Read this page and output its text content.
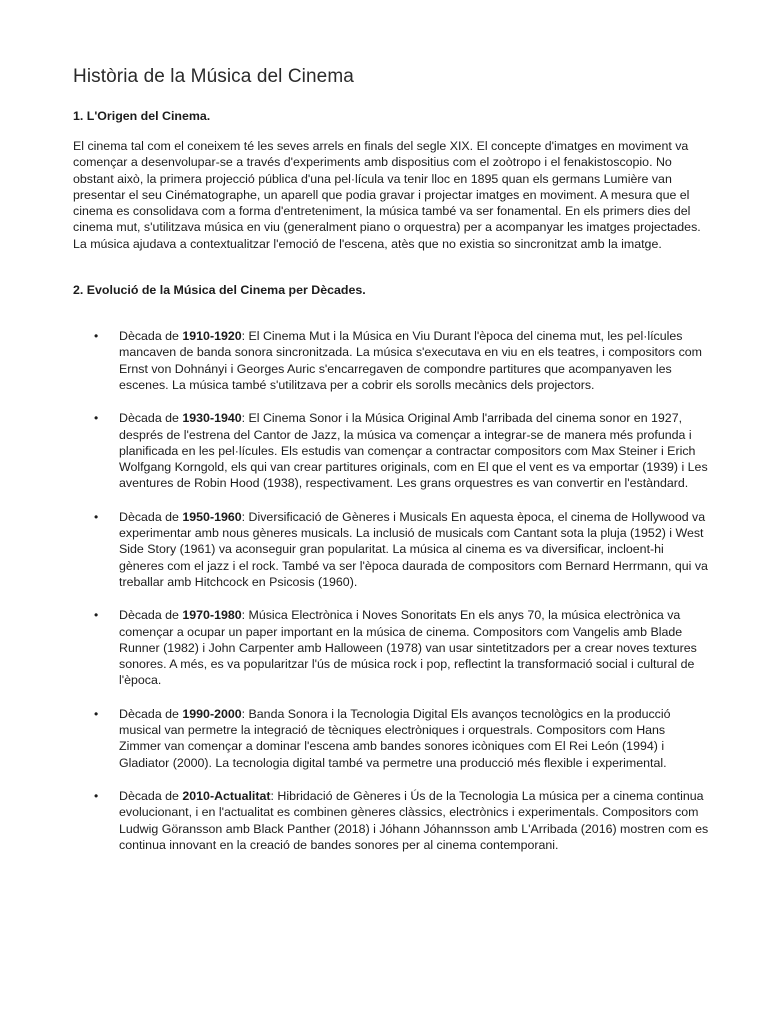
Història de la Música del Cinema
1. L'Origen del Cinema.

El cinema tal com el coneixem té les seves arrels en finals del segle XIX. El concepte d'imatges en moviment va començar a desenvolupar-se a través d'experiments amb dispositius com el zoòtropo i el fenakistoscopio. No obstant això, la primera projecció pública d'una pel·lícula va tenir lloc en 1895 quan els germans Lumière van presentar el seu Cinématographe, un aparell que podia gravar i projectar imatges en moviment. A mesura que el cinema es consolidava com a forma d'entreteniment, la música també va ser fonamental. En els primers dies del cinema mut, s'utilitzava música en viu (generalment piano o orquestra) per a acompanyar les imatges projectades. La música ajudava a contextualitzar l'emoció de l'escena, atès que no existia so sincronitzat amb la imatge.

2. Evolució de la Música del Cinema per Dècades.
• Dècada de 1910-1920: El Cinema Mut i la Música en Viu Durant l'època del cinema mut, les pel·lícules mancaven de banda sonora sincronitzada. La música s'executava en viu en els teatres, i compositors com Ernst von Dohnányi i Georges Auric s'encarregaven de compondre partitures que acompanyaven les escenes. La música també s'utilitzava per a cobrir els sorolls mecànics dels projectors.
• Dècada de 1930-1940: El Cinema Sonor i la Música Original Amb l'arribada del cinema sonor en 1927, després de l'estrena del Cantor de Jazz, la música va començar a integrar-se de manera més profunda i planificada en les pel·lícules. Els estudis van començar a contractar compositors com Max Steiner i Erich Wolfgang Korngold, els qui van crear partitures originals, com en El que el vent es va emportar (1939) i Les aventures de Robin Hood (1938), respectivament. Les grans orquestres es van convertir en l'estàndard.
• Dècada de 1950-1960: Diversificació de Gèneres i Musicals En aquesta època, el cinema de Hollywood va experimentar amb nous gèneres musicals. La inclusió de musicals com Cantant sota la pluja (1952) i West Side Story (1961) va aconseguir gran popularitat. La música al cinema es va diversificar, incloent-hi gèneres com el jazz i el rock. També va ser l'època daurada de compositors com Bernard Herrmann, qui va treballar amb Hitchcock en Psicosis (1960).
• Dècada de 1970-1980: Música Electrònica i Noves Sonoritats En els anys 70, la música electrònica va començar a ocupar un paper important en la música de cinema. Compositors com Vangelis amb Blade Runner (1982) i John Carpenter amb Halloween (1978) van usar sintetitzadors per a crear noves textures sonores. A més, es va popularitzar l'ús de música rock i pop, reflectint la transformació social i cultural de l'època.
• Dècada de 1990-2000: Banda Sonora i la Tecnologia Digital Els avanços tecnològics en la producció musical van permetre la integració de tècniques electròniques i orquestrals. Compositors com Hans Zimmer van començar a dominar l'escena amb bandes sonores icòniques com El Rei León (1994) i Gladiator (2000). La tecnologia digital també va permetre una producció més flexible i experimental.
• Dècada de 2010-Actualitat: Hibridació de Gèneres i Ús de la Tecnologia La música per a cinema continua evolucionant, i en l'actualitat es combinen gèneres clàssics, electrònics i experimentals. Compositors com Ludwig Göransson amb Black Panther (2018) i Jóhann Jóhannsson amb L'Arribada (2016) mostren com es continua innovant en la creació de bandes sonores per al cinema contemporani.
